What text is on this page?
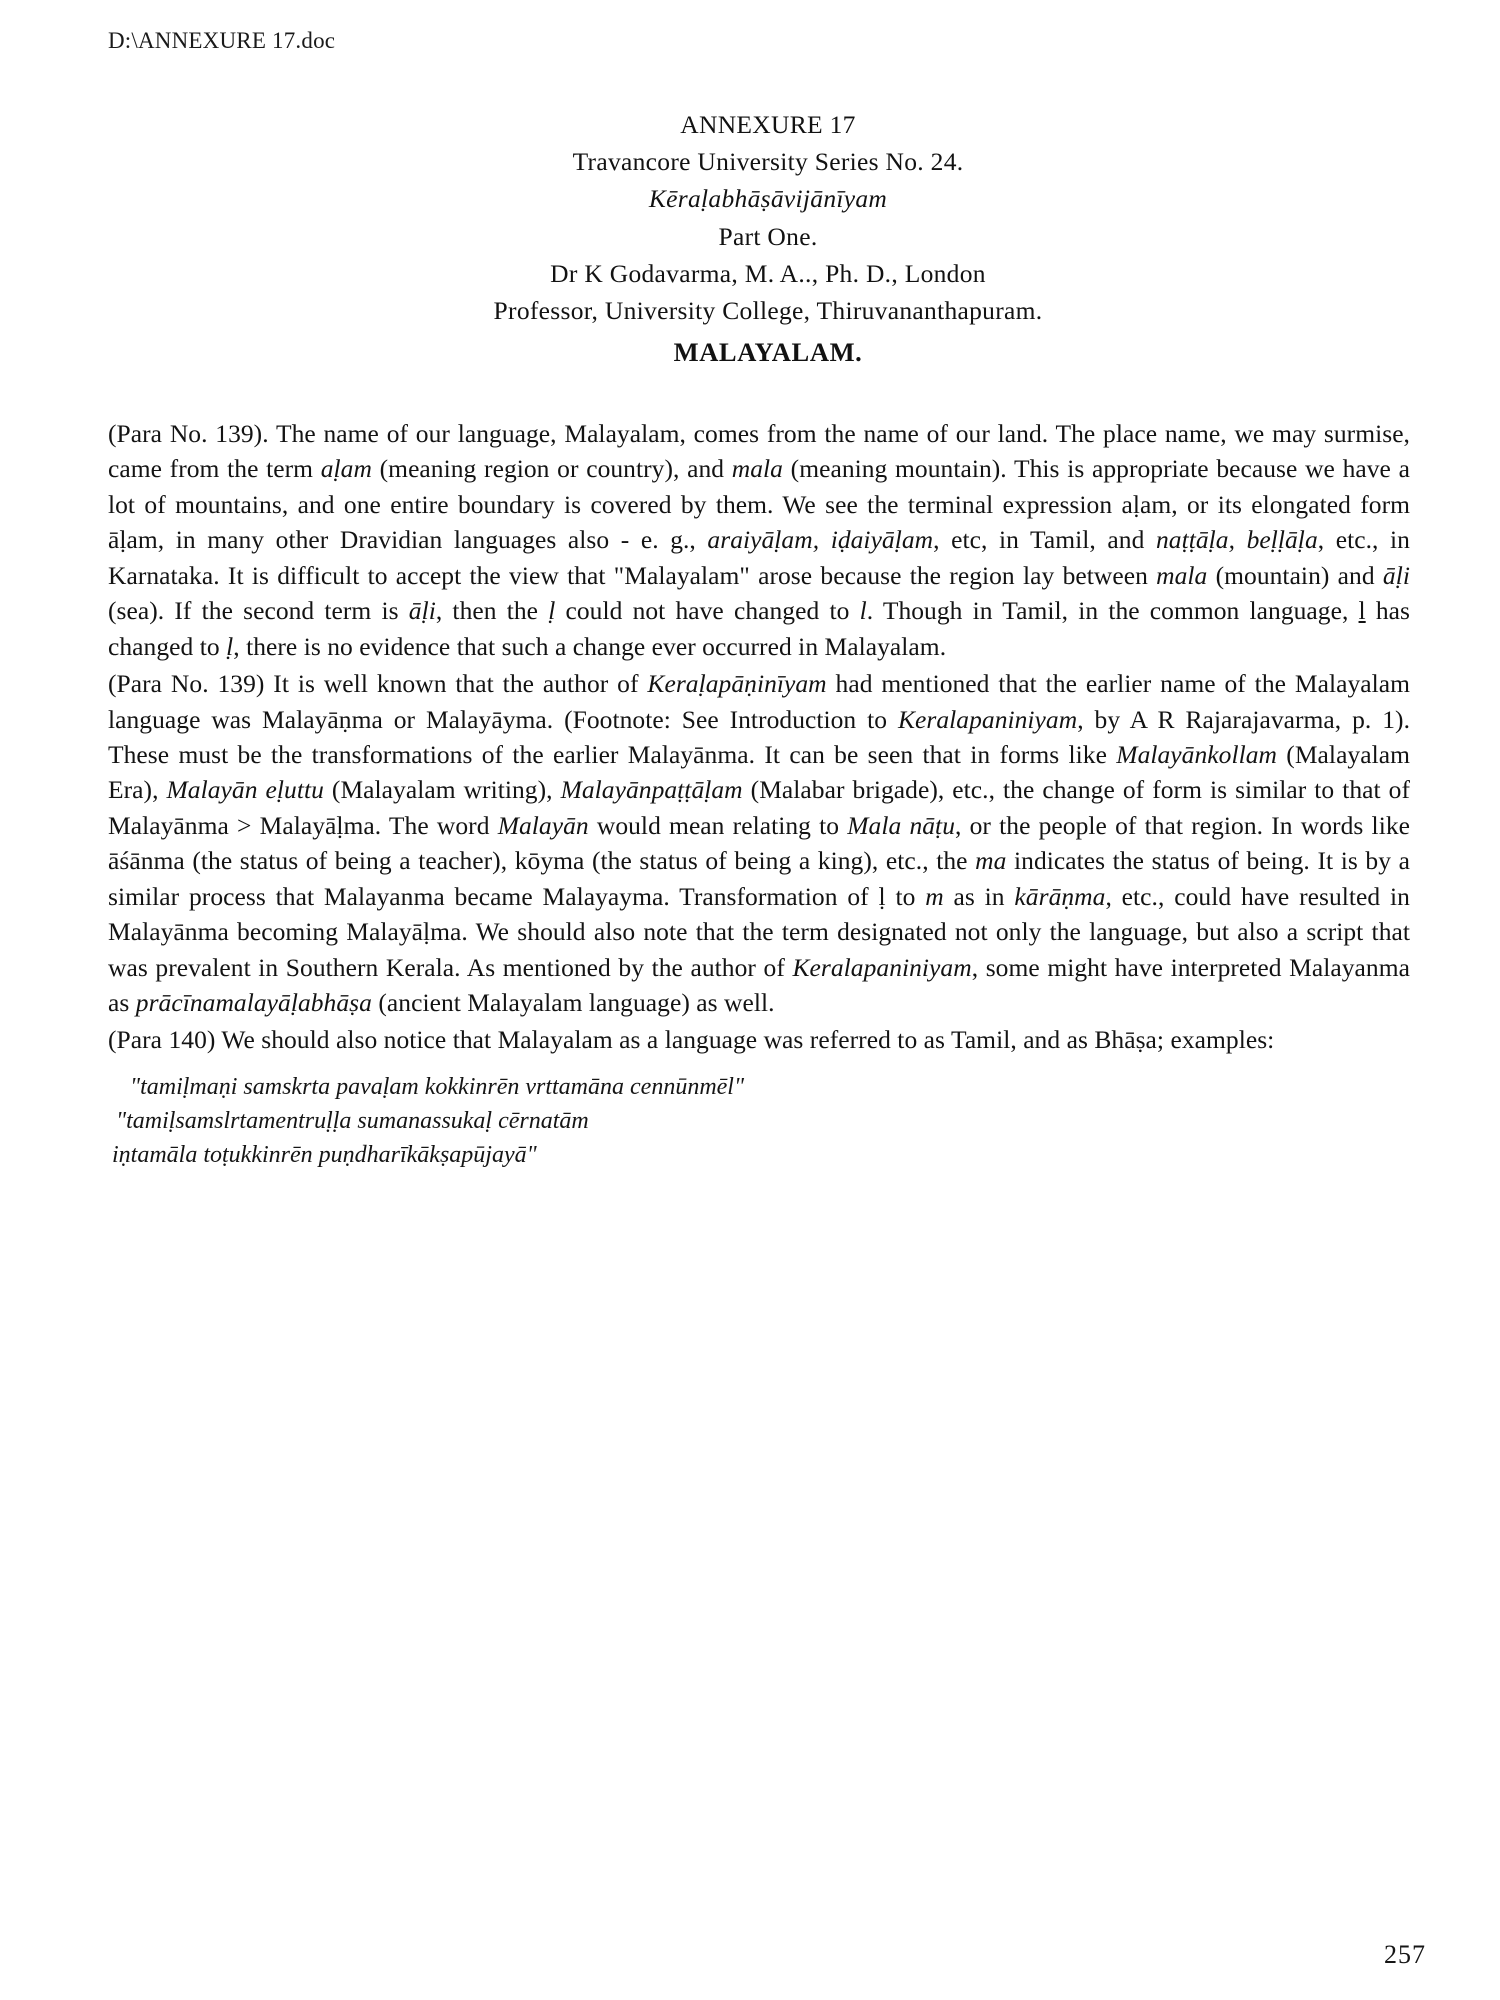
D:\ANNEXURE 17.doc
ANNEXURE 17
Travancore University Series No. 24.
Kēraḷabhāṣāvijānīyam
Part One.
Dr K Godavarma, M. A.., Ph. D., London
Professor, University College, Thiruvananthapuram.
MALAYALAM.

(Para No. 139). The name of our language, Malayalam, comes from the name of our land. The place name, we may surmise, came from the term aḷam (meaning region or country), and mala (meaning mountain). This is appropriate because we have a lot of mountains, and one entire boundary is covered by them. We see the terminal expression aḷam, or its elongated form āḷam, in many other Dravidian languages also - e. g., araiyāḷam, iḍaiyāḷam, etc, in Tamil, and naṭṭāḷa, beḷḷāḷa, etc., in Karnataka. It is difficult to accept the view that "Malayalam" arose because the region lay between mala (mountain) and āḷi (sea). If the second term is āḷi, then the ḷ could not have changed to l. Though in Tamil, in the common language, l has changed to ḷ, there is no evidence that such a change ever occurred in Malayalam.

(Para No. 139) It is well known that the author of Keraḷapāṇinīyam had mentioned that the earlier name of the Malayalam language was Malayāṇma or Malayāyma. (Footnote: See Introduction to Keralapaniniyam, by A R Rajarajavarma, p. 1). These must be the transformations of the earlier Malayānma. It can be seen that in forms like Malayānkollam (Malayalam Era), Malayān eḷuttu (Malayalam writing), Malayānpaṭṭāḷam (Malabar brigade), etc., the change of form is similar to that of Malayānma > Malayāḷma. The word Malayān would mean relating to Mala nāṭu, or the people of that region. In words like āśānma (the status of being a teacher), kōyma (the status of being a king), etc., the ma indicates the status of being. It is by a similar process that Malayanma became Malayayma. Transformation of ḷ to m as in kārāṇma, etc., could have resulted in Malayānma becoming Malayāḷma. We should also note that the term designated not only the language, but also a script that was prevalent in Southern Kerala. As mentioned by the author of Keralapaniniyam, some might have interpreted Malayanma as prācīnamalayāḷabhāṣa (ancient Malayalam language) as well.

(Para 140) We should also notice that Malayalam as a language was referred to as Tamil, and as Bhāṣa; examples:

"tamiḷmaṇi samskrta pavaḷam kokkinrēn vrttamāna cennūnmēl"
"tamiḷsamslrtamentruḷḷa sumanassukaḷ cērnatām
iṇtamāla toṭukkinrēn puṇdharīkākṣapūjayā"
257
